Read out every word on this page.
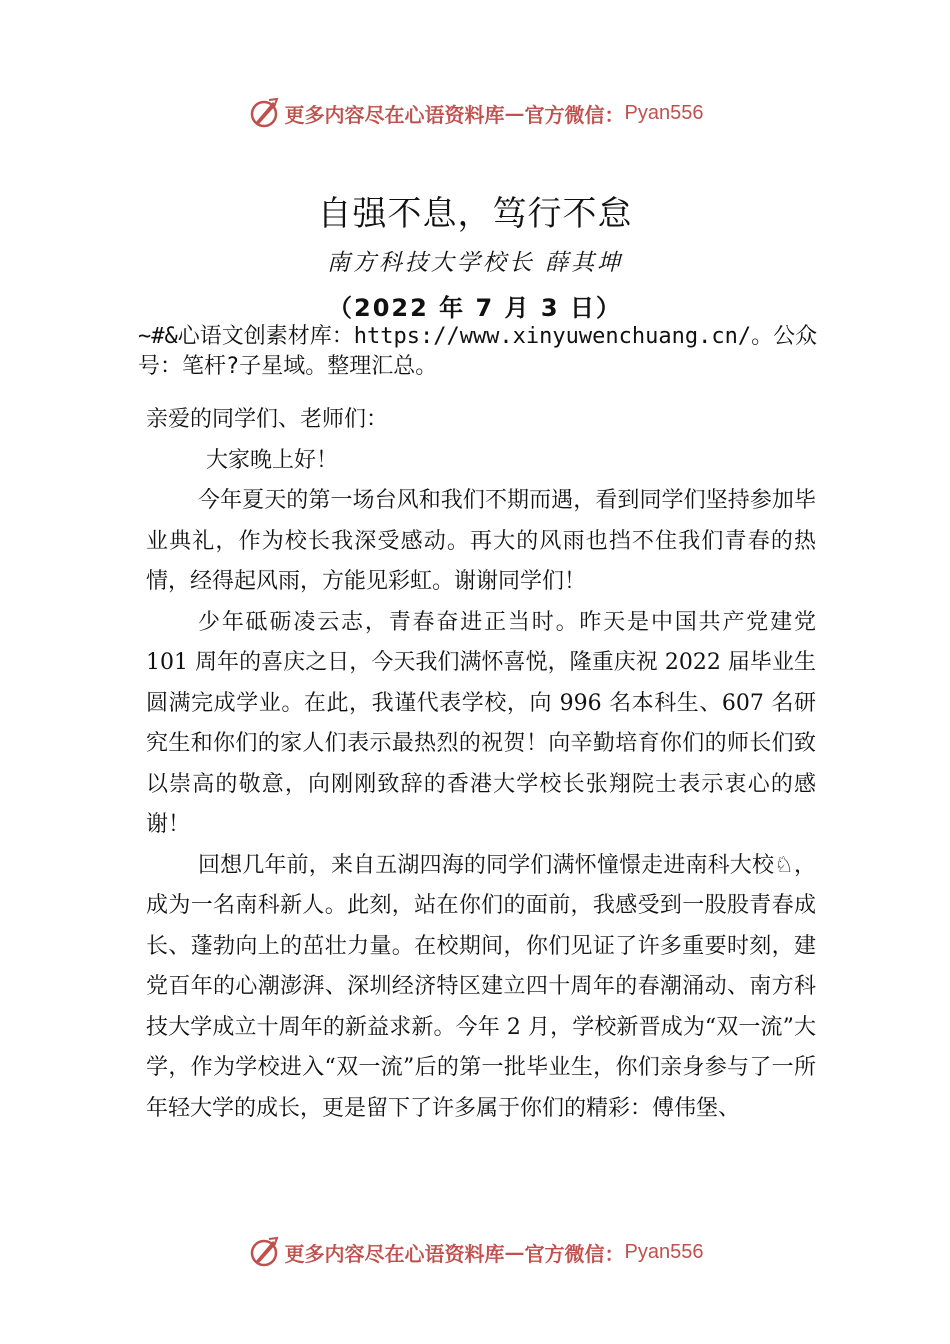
更多内容尽在心语资料库 — 官方微信： Pyan556
自强不息，笃行不怠
南方科技大学校长 薛其坤
（2022 年 7 月 3 日）
~#&心语文创素材库：https://www.xinyuwenchuang.cn/。公众号：笔杆?子星域。整理汇总。

亲爱的同学们、老师们：

大家晚上好！

今年夏天的第一场台风和我们不期而遇，看到同学们坚持参加毕业典礼，作为校长我深受感动。再大的风雨也挡不住我们青春的热情，经得起风雨，方能见彩虹。谢谢同学们！

少年砥砺凌云志，青春奋进正当时。昨天是中国共产党建党 101 周年的喜庆之日，今天我们满怀喜悦，隆重庆祝 2022 届毕业生圆满完成学业。在此，我谨代表学校，向 996 名本科生、607 名研究生和你们的家人们表示最热烈的祝贺！向辛勤培育你们的师长们致以崇高的敬意，向刚刚致辞的香港大学校长张翔院士表示衷心的感谢！

回想几年前，来自五湖四海的同学们满怀憧憬走进南科大校♘，成为一名南科新人。此刻，站在你们的面前，我感受到一股股青春成长、蓬勃向上的茁壮力量。在校期间，你们见证了许多重要时刻，建党百年的心潮澎湃、深圳经济特区建立四十周年的春潮涌动、南方科技大学成立十周年的新益求新。今年 2 月，学校新晋成为“双一流”大学，作为学校进入“双一流”后的第一批毕业生，你们亲身参与了一所年轻大学的成长，更是留下了许多属于你们的精彩：傅伟堡、

更多内容尽在心语资料库 — 官方微信： Pyan556
